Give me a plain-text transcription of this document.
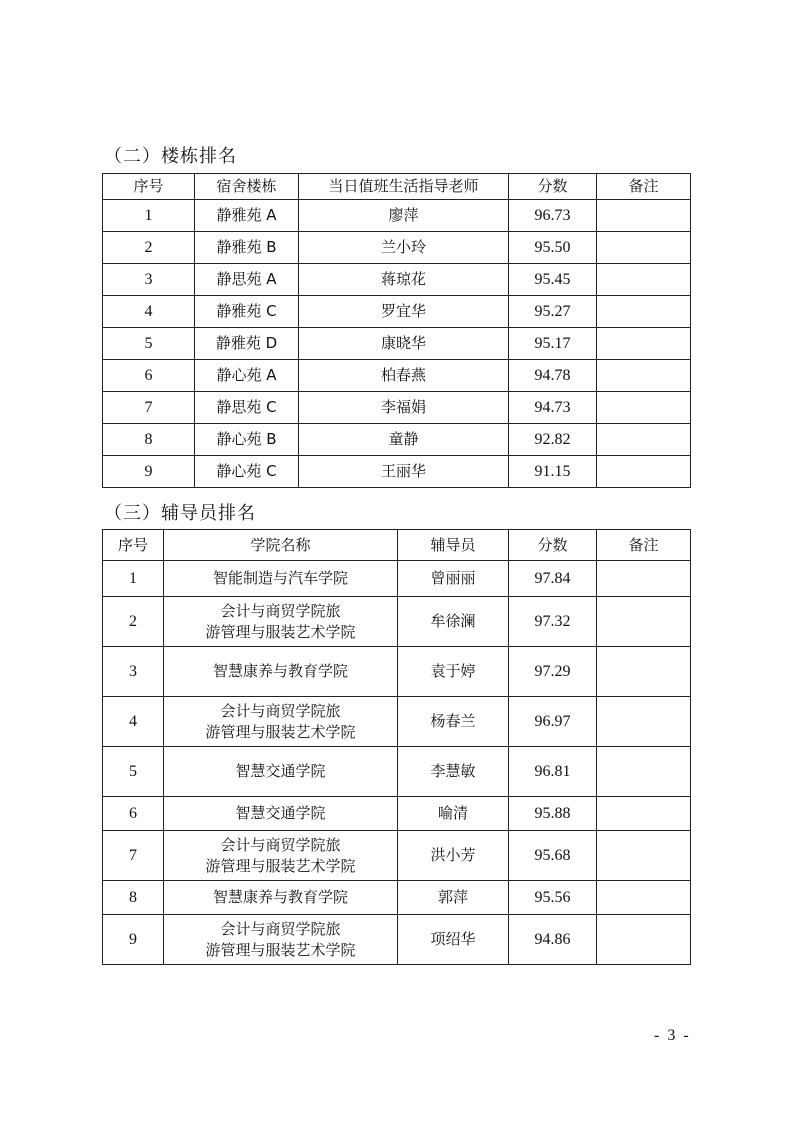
（二）楼栋排名
序号	宿舍楼栋	当日值班生活指导老师	分数	备注
1	静雅苑 A	廖萍	96.73	
2	静雅苑 B	兰小玲	95.50	
3	静思苑 A	蒋琼花	95.45	
4	静雅苑 C	罗宜华	95.27	
5	静雅苑 D	康晓华	95.17	
6	静心苑 A	柏春燕	94.78	
7	静思苑 C	李福娟	94.73	
8	静心苑 B	童静	92.82	
9	静心苑 C	王丽华	91.15	
（三）辅导员排名
序号	学院名称	辅导员	分数	备注
1	智能制造与汽车学院	曾丽丽	97.84	
2	会计与商贸学院旅
游管理与服装艺术学院	牟徐澜	97.32	
3	智慧康养与教育学院	袁于婷	97.29	
4	会计与商贸学院旅
游管理与服装艺术学院	杨春兰	96.97	
5	智慧交通学院	李慧敏	96.81	
6	智慧交通学院	喻清	95.88	
7	会计与商贸学院旅
游管理与服装艺术学院	洪小芳	95.68	
8	智慧康养与教育学院	郭萍	95.56	
9	会计与商贸学院旅
游管理与服装艺术学院	项绍华	94.86	
- 3 -
